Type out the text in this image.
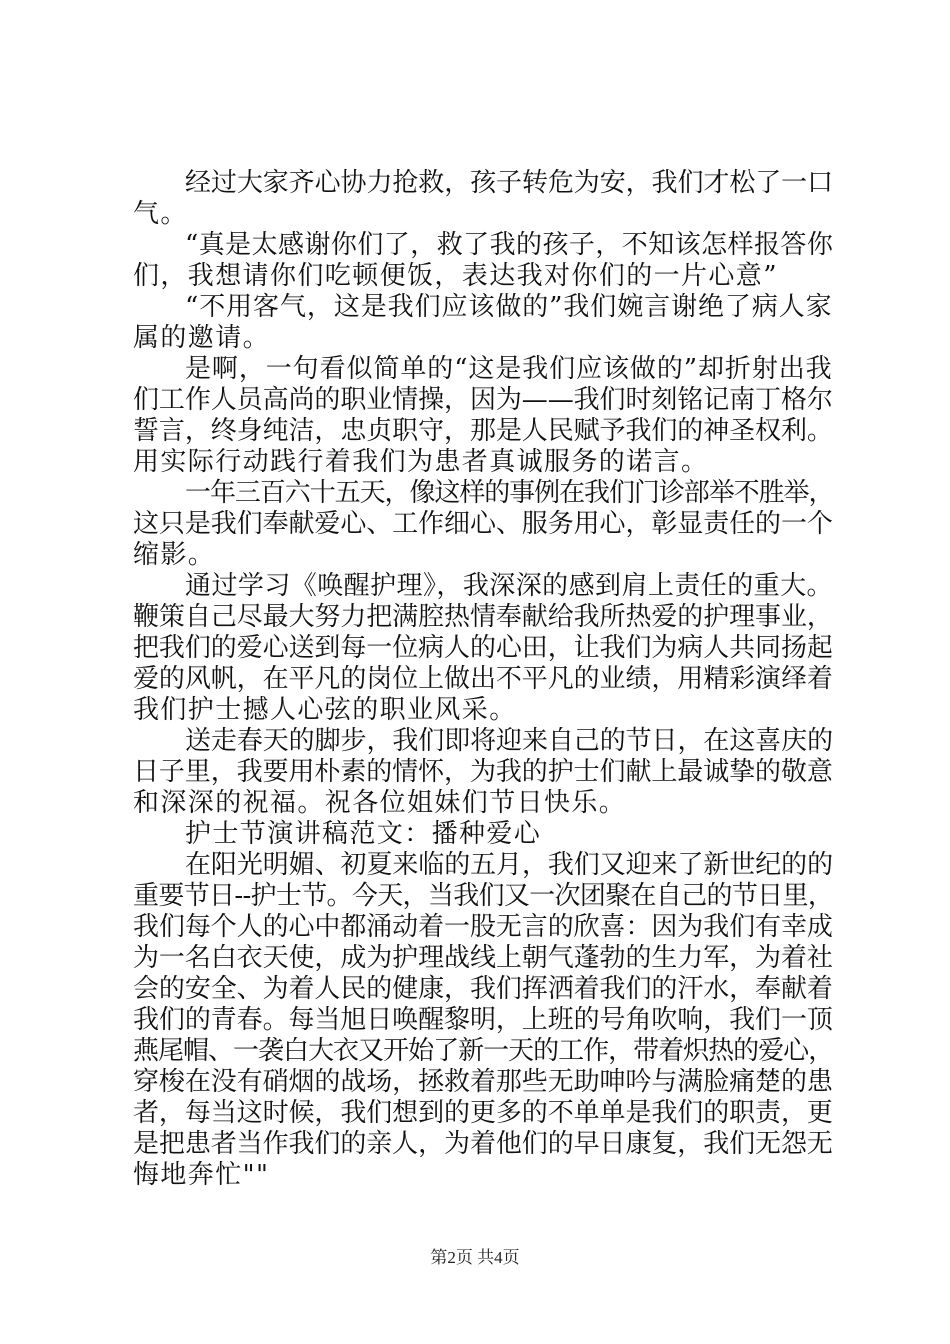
经过大家齐心协力抢救，孩子转危为安，我们才松了一口
气。
“真是太感谢你们了，救了我的孩子，不知该怎样报答你
们，我想请你们吃顿便饭，表达我对你们的一片心意”
“不用客气，这是我们应该做的”我们婉言谢绝了病人家
属的邀请。
是啊，一句看似简单的“这是我们应该做的”却折射出我
们工作人员高尚的职业情操，因为——我们时刻铭记南丁格尔
誓言，终身纯洁，忠贞职守，那是人民赋予我们的神圣权利。
用实际行动践行着我们为患者真诚服务的诺言。
一年三百六十五天，像这样的事例在我们门诊部举不胜举，
这只是我们奉献爱心、工作细心、服务用心，彰显责任的一个
缩影。
通过学习《唤醒护理》，我深深的感到肩上责任的重大。
鞭策自己尽最大努力把满腔热情奉献给我所热爱的护理事业，
把我们的爱心送到每一位病人的心田，让我们为病人共同扬起
爱的风帆，在平凡的岗位上做出不平凡的业绩，用精彩演绎着
我们护士撼人心弦的职业风采。
送走春天的脚步，我们即将迎来自己的节日，在这喜庆的
日子里，我要用朴素的情怀，为我的护士们献上最诚挚的敬意
和深深的祝福。祝各位姐妹们节日快乐。
护士节演讲稿范文：播种爱心
在阳光明媚、初夏来临的五月，我们又迎来了新世纪的的
重要节日--护士节。今天，当我们又一次团聚在自己的节日里，
我们每个人的心中都涌动着一股无言的欣喜：因为我们有幸成
为一名白衣天使，成为护理战线上朝气蓬勃的生力军，为着社
会的安全、为着人民的健康，我们挥洒着我们的汗水，奉献着
我们的青春。每当旭日唤醒黎明，上班的号角吹响，我们一顶
燕尾帽、一袭白大衣又开始了新一天的工作，带着炽热的爱心，
穿梭在没有硝烟的战场，拯救着那些无助呻吟与满脸痛楚的患
者，每当这时候，我们想到的更多的不单单是我们的职责，更
是把患者当作我们的亲人，为着他们的早日康复，我们无怨无
悔地奔忙""
第2页 共4页
